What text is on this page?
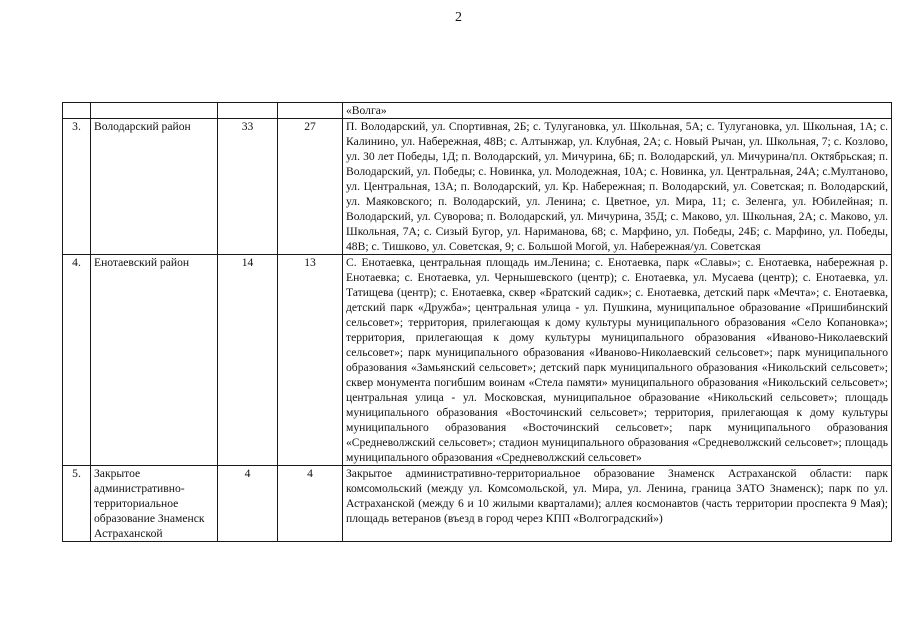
2
				«Волга»
3.	Володарский район	33	27	П. Володарский, ул. Спортивная, 2Б; с. Тулугановка, ул. Школьная, 5А; с. Тулугановка, ул. Школьная, 1А; с. Калинино, ул. Набережная, 48В; с. Алтынжар, ул. Клубная, 2А; с. Новый Рычан, ул. Школьная, 7; с. Козлово, ул. 30 лет Победы, 1Д; п. Володарский, ул. Мичурина, 6Б; п. Володарский, ул. Мичурина/пл. Октябрьская; п. Володарский, ул. Победы; с. Новинка, ул. Молодежная, 10А; с. Новинка, ул. Центральная, 24А; с.Мултаново, ул. Центральная, 13А; п. Володарский, ул. Кр. Набережная; п. Володарский, ул. Советская; п. Володарский, ул. Маяковского; п. Володарский, ул. Ленина; с. Цветное, ул. Мира, 11; с. Зеленга, ул. Юбилейная; п. Володарский, ул. Суворова; п. Володарский, ул. Мичурина, 35Д; с. Маково, ул. Школьная, 2А; с. Маково, ул. Школьная, 7А; с. Сизый Бугор, ул. Нариманова, 68; с. Марфино, ул. Победы, 24Б; с. Марфино, ул. Победы, 48В; с. Тишково, ул. Советская, 9; с. Большой Могой, ул. Набережная/ул. Советская
4.	Енотаевский район	14	13	С. Енотаевка, центральная площадь им.Ленина; с. Енотаевка, парк «Славы»; с. Енотаевка, набережная р. Енотаевка; с. Енотаевка, ул. Чернышевского (центр); с. Енотаевка, ул. Мусаева (центр); с. Енотаевка, ул. Татищева (центр); с. Енотаевка, сквер «Братский садик»; с. Енотаевка, детский парк «Мечта»; с. Енотаевка, детский парк «Дружба»; центральная улица - ул. Пушкина, муниципальное образование «Пришибинский сельсовет»; территория, прилегающая к дому культуры муниципального образования «Село Копановка»; территория, прилегающая к дому культуры муниципального образования «Иваново-Николаевский сельсовет»; парк муниципального образования «Иваново-Николаевский сельсовет»; парк муниципального образования «Замьянский сельсовет»; детский парк муниципального образования «Никольский сельсовет»; сквер монумента погибшим воинам «Стела памяти» муниципального образования «Никольский сельсовет»; центральная улица - ул. Московская, муниципальное образование «Никольский сельсовет»; площадь муниципального образования «Восточинский сельсовет»; территория, прилегающая к дому культуры муниципального образования «Восточинский сельсовет»; парк муниципального образования «Средневолжский сельсовет»; стадион муниципального образования «Средневолжский сельсовет»; площадь муниципального образования «Средневолжский сельсовет»
5.	Закрытое административно-территориальное образование Знаменск Астраханской	4	4	Закрытое административно-территориальное образование Знаменск Астраханской области: парк комсомольский (между ул. Комсомольской, ул. Мира, ул. Ленина, граница ЗАТО Знаменск); парк по ул. Астраханской (между 6 и 10 жилыми кварталами); аллея космонавтов (часть территории проспекта 9 Мая); площадь ветеранов (въезд в город через КПП «Волгоградский»)
